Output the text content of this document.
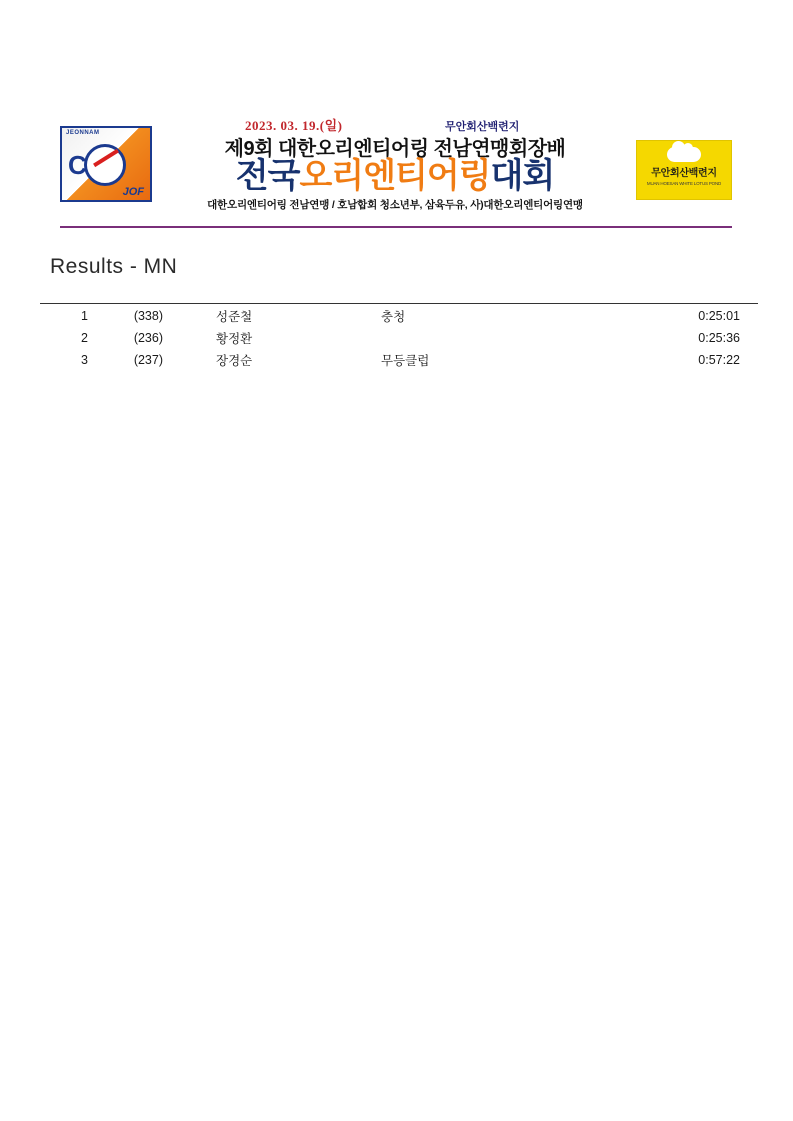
JEONNAM
C
JOF
2023. 03. 19.(일)	무안회산백련지
제9회 대한오리엔티어링 전남연맹회장배
전국오리엔티어링대회
대한오리엔티어링 전남연맹 / 호남합회 청소년부, 삼육두유, 사)대한오리엔티어링연맹
무안회산백련지
MUAN HOESAN WHITE LOTUS POND
Results - MN

1	(338)	성준철	충청	0:25:01
2	(236)	황정환		0:25:36
3	(237)	장경순	무등클럽	0:57:22
